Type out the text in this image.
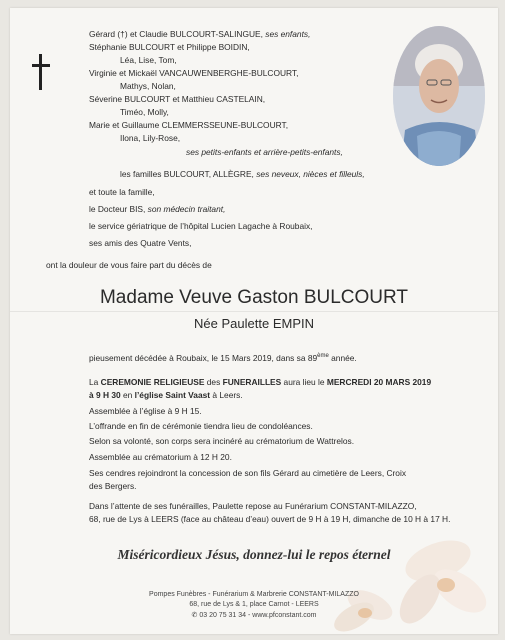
Gérard (†) et Claudie BULCOURT-SALINGUE, ses enfants,
Stéphanie BULCOURT et Philippe BOIDIN,
Léa, Lise, Tom,
Virginie et Mickaël VANCAUWENBERGHE-BULCOURT,
Mathys, Nolan,
Séverine BULCOURT et Matthieu CASTELAIN,
Timéo, Molly,
Marie et Guillaume CLEMMERSSEUNE-BULCOURT,
Ilona, Lily-Rose,
ses petits-enfants et arrière-petits-enfants,
les familles BULCOURT, ALLÈGRE, ses neveux, nièces et filleuls,
et toute la famille,
le Docteur BIS, son médecin traitant,
le service gériatrique de l’hôpital Lucien Lagache à Roubaix,
ses amis des Quatre Vents,
ont la douleur de vous faire part du décès de
Madame Veuve Gaston BULCOURT
Née Paulette EMPIN
pieusement décédée à Roubaix, le 15 Mars 2019, dans sa 89ème année.
La CEREMONIE RELIGIEUSE des FUNERAILLES aura lieu le MERCREDI 20 MARS 2019
à 9 H 30 en l’église Saint Vaast à Leers.
Assemblée à l’église à 9 H 15.
L’offrande en fin de cérémonie tiendra lieu de condoléances.
Selon sa volonté, son corps sera incinéré au crématorium de Wattrelos.
Assemblée au crématorium à 12 H 20.
Ses cendres rejoindront la concession de son fils Gérard au cimetière de Leers, Croix
des Bergers.
Dans l’attente de ses funérailles, Paulette repose au Funérarium CONSTANT-MILAZZO,
68, rue de Lys à LEERS (face au château d’eau) ouvert de 9 H à 19 H, dimanche de 10 H à 17 H.
Miséricordieux Jésus, donnez-lui le repos éternel
Pompes Funèbres - Funérarium & Marbrerie CONSTANT-MILAZZO
68, rue de Lys & 1, place Carnot - LEERS
✆ 03 20 75 31 34 - www.pfconstant.com
